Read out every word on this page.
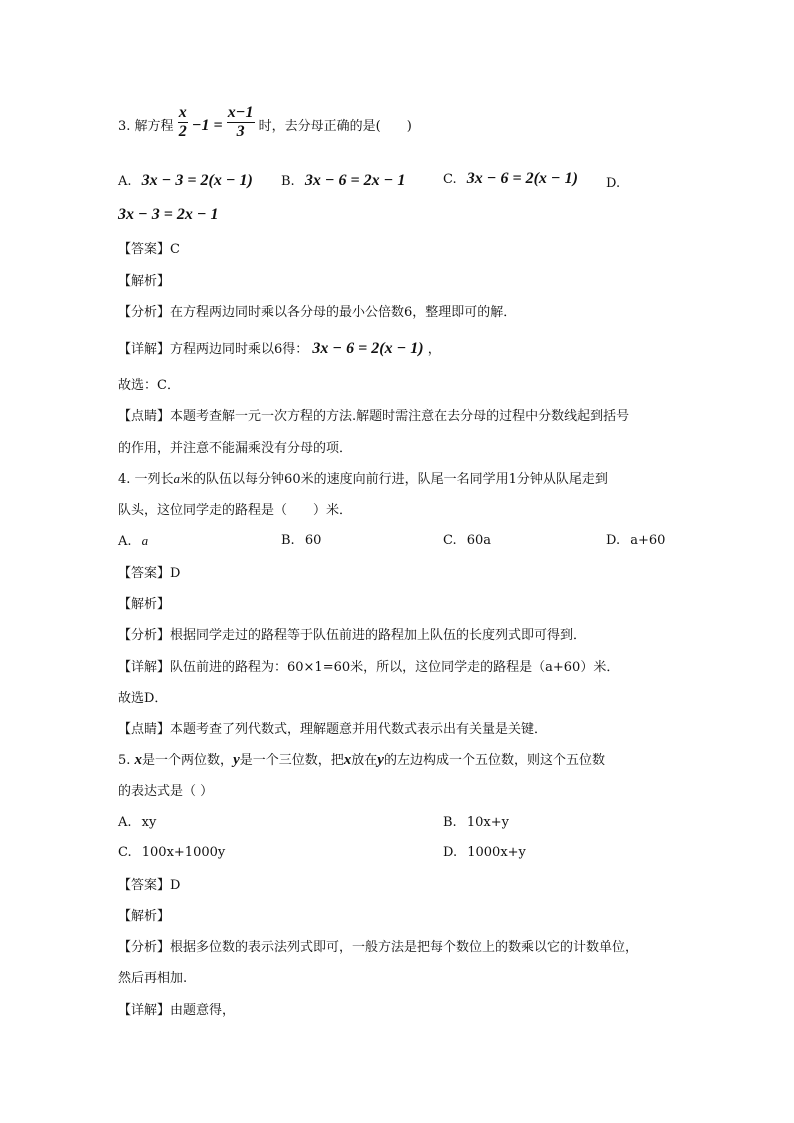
3. 解方程 $\frac{x}{2} -1 = \frac{x-1}{3}$ 时，去分母正确的是(　　)
A. 3x − 3 = 2(x − 1) B. 3x − 6 = 2x − 1	C. 3x − 6 = 2(x − 1) D.
3x − 3 = 2x − 1
【答案】C
【解析】
【分析】在方程两边同时乘以各分母的最小公倍数6，整理即可的解．
【详解】方程两边同时乘以6得： 3x − 6 = 2(x − 1) ，
故选：C．
【点睛】本题考查解一元一次方程的方法.解题时需注意在去分母的过程中分数线起到括号
的作用，并注意不能漏乘没有分母的项．
4. 一列长a米的队伍以每分钟60米的速度向前行进，队尾一名同学用1分钟从队尾走到
队头，这位同学走的路程是（　　）米．
A. a	B. 60	C. 60a	D. a+60
【答案】D
【解析】
【分析】根据同学走过的路程等于队伍前进的路程加上队伍的长度列式即可得到．
【详解】队伍前进的路程为：60×1=60米，所以，这位同学走的路程是（a+60）米．
故选D．
【点睛】本题考查了列代数式，理解题意并用代数式表示出有关量是关键．
5. x是一个两位数，y是一个三位数，把x放在y的左边构成一个五位数，则这个五位数
的表达式是（ ）
A. xy	B. 10x+y
C. 100x+1000y	D. 1000x+y
【答案】D
【解析】
【分析】根据多位数的表示法列式即可，一般方法是把每个数位上的数乘以它的计数单位，
然后再相加.
【详解】由题意得，
